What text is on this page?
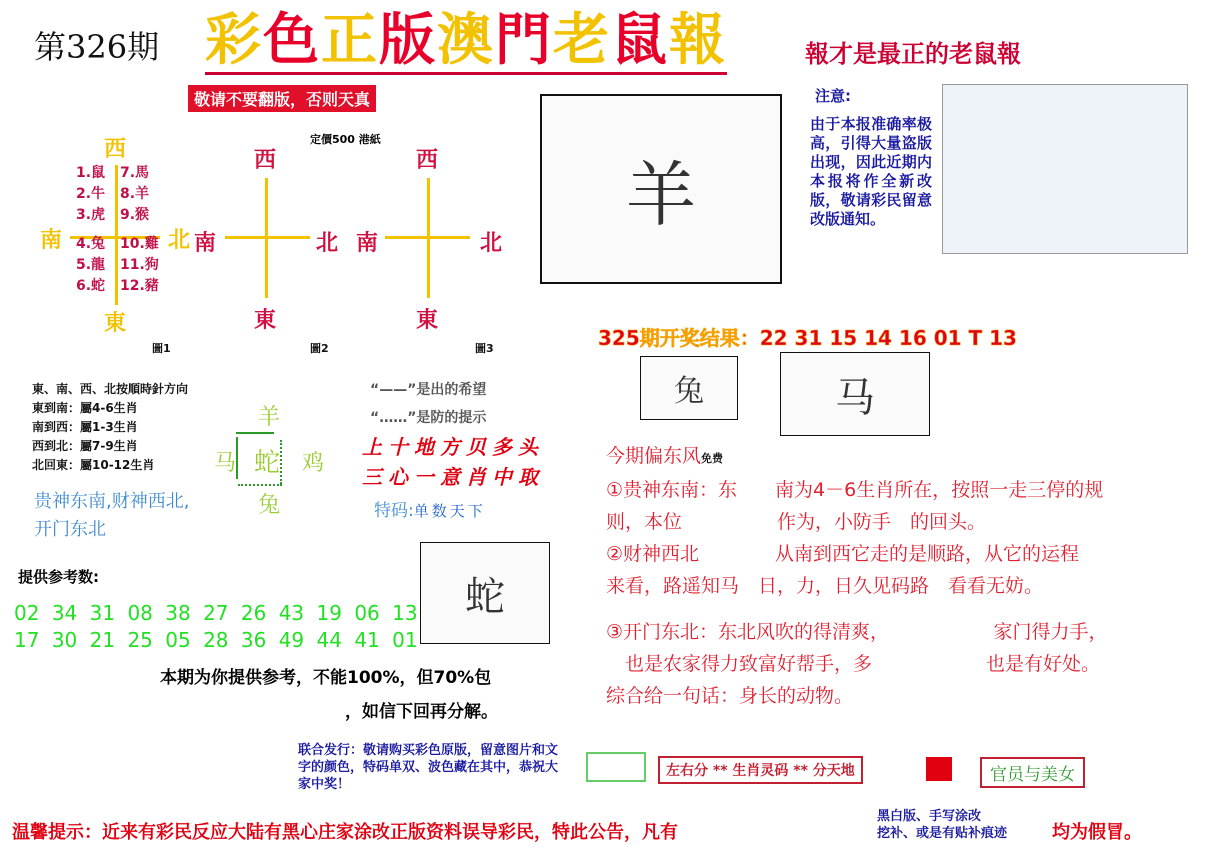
第326期 彩色正版澳門老鼠報	報才是最正的老鼠報
敬请不要翻版，否则天真
定價500 港紙
西
東
南	北
1.鼠
2.牛
3.虎
4.兔
5.龍
6.蛇
7.馬
8.羊
9.猴
10.雞
11.狗
12.豬
圖1
西
東
南	北
圖2
西
東
南	北
圖3
羊
注意:
由于本报准确率极高，引得大量盗版出现，因此近期内本报将作全新改版，敬请彩民留意改版通知。
325期开奖结果：22 31 15 14 16 01 T 13
東、南、西、北按順時針方向
東到南：屬4-6生肖
南到西：屬1-3生肖
西到北：屬7-9生肖
北回東：屬10-12生肖
贵神东南,财神西北,
开门东北
羊
蛇
马	鸡
兔
“——”是出的希望
“……”是防的提示
上十地方贝多头
三心一意肖中取
特码:单数天下
提供参考数:
02 34 31 08 38 27 26 43 19 06 13
17 30 21 25 05 28 36 49 44 41 01
蛇
本期为你提供参考，不能100%，但70%包
，如信下回再分解。
兔	马
今期偏东风免费
①贵神东南：东　　南为4－6生肖所在，按照一走三停的规
则，本位　　　　　作为，小防手　的回头。
②财神西北　　　　从南到西它走的是顺路，从它的运程
来看，路遥知马　日，力，日久见码路　看看无妨。
③开门东北：东北风吹的得清爽，　　　　　　家门得力手，
　也是农家得力致富好帮手，多　　　　　　也是有好处。
综合给一句话：身长的动物。
联合发行：敬请购买彩色原版，留意图片和文字的颜色，特码单双、波色藏在其中，恭祝大家中奖！
左右分 ** 生肖灵码 ** 分天地	官员与美女
温馨提示：近来有彩民反应大陆有黑心庄家涂改正版资料误导彩民，特此公告，凡有
黑白版、手写涂改
挖补、或是有贴补痕迹 均为假冒。
